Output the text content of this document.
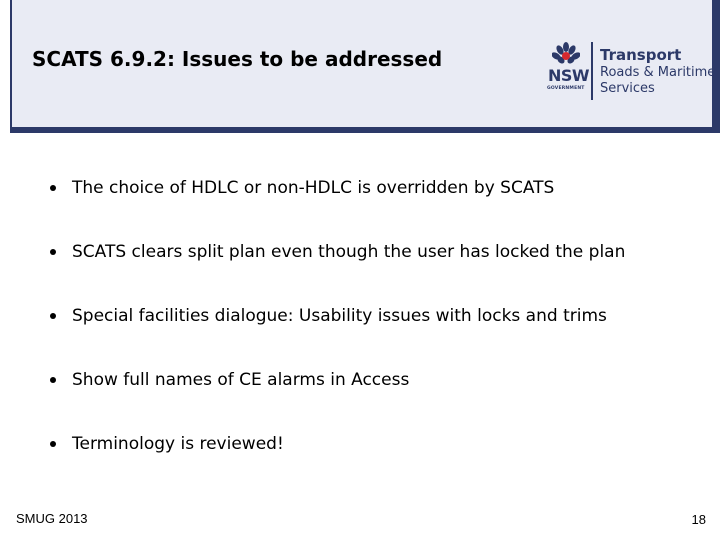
SCATS 6.9.2: Issues to be addressed
NSW
GOVERNMENT
Transport
Roads & Maritime
Services
The choice of HDLC or non-HDLC is overridden by SCATS
SCATS clears split plan even though the user has locked the plan
Special facilities dialogue: Usability issues with locks and trims
Show full names of CE alarms in Access
Terminology is reviewed!
SMUG 2013	18
